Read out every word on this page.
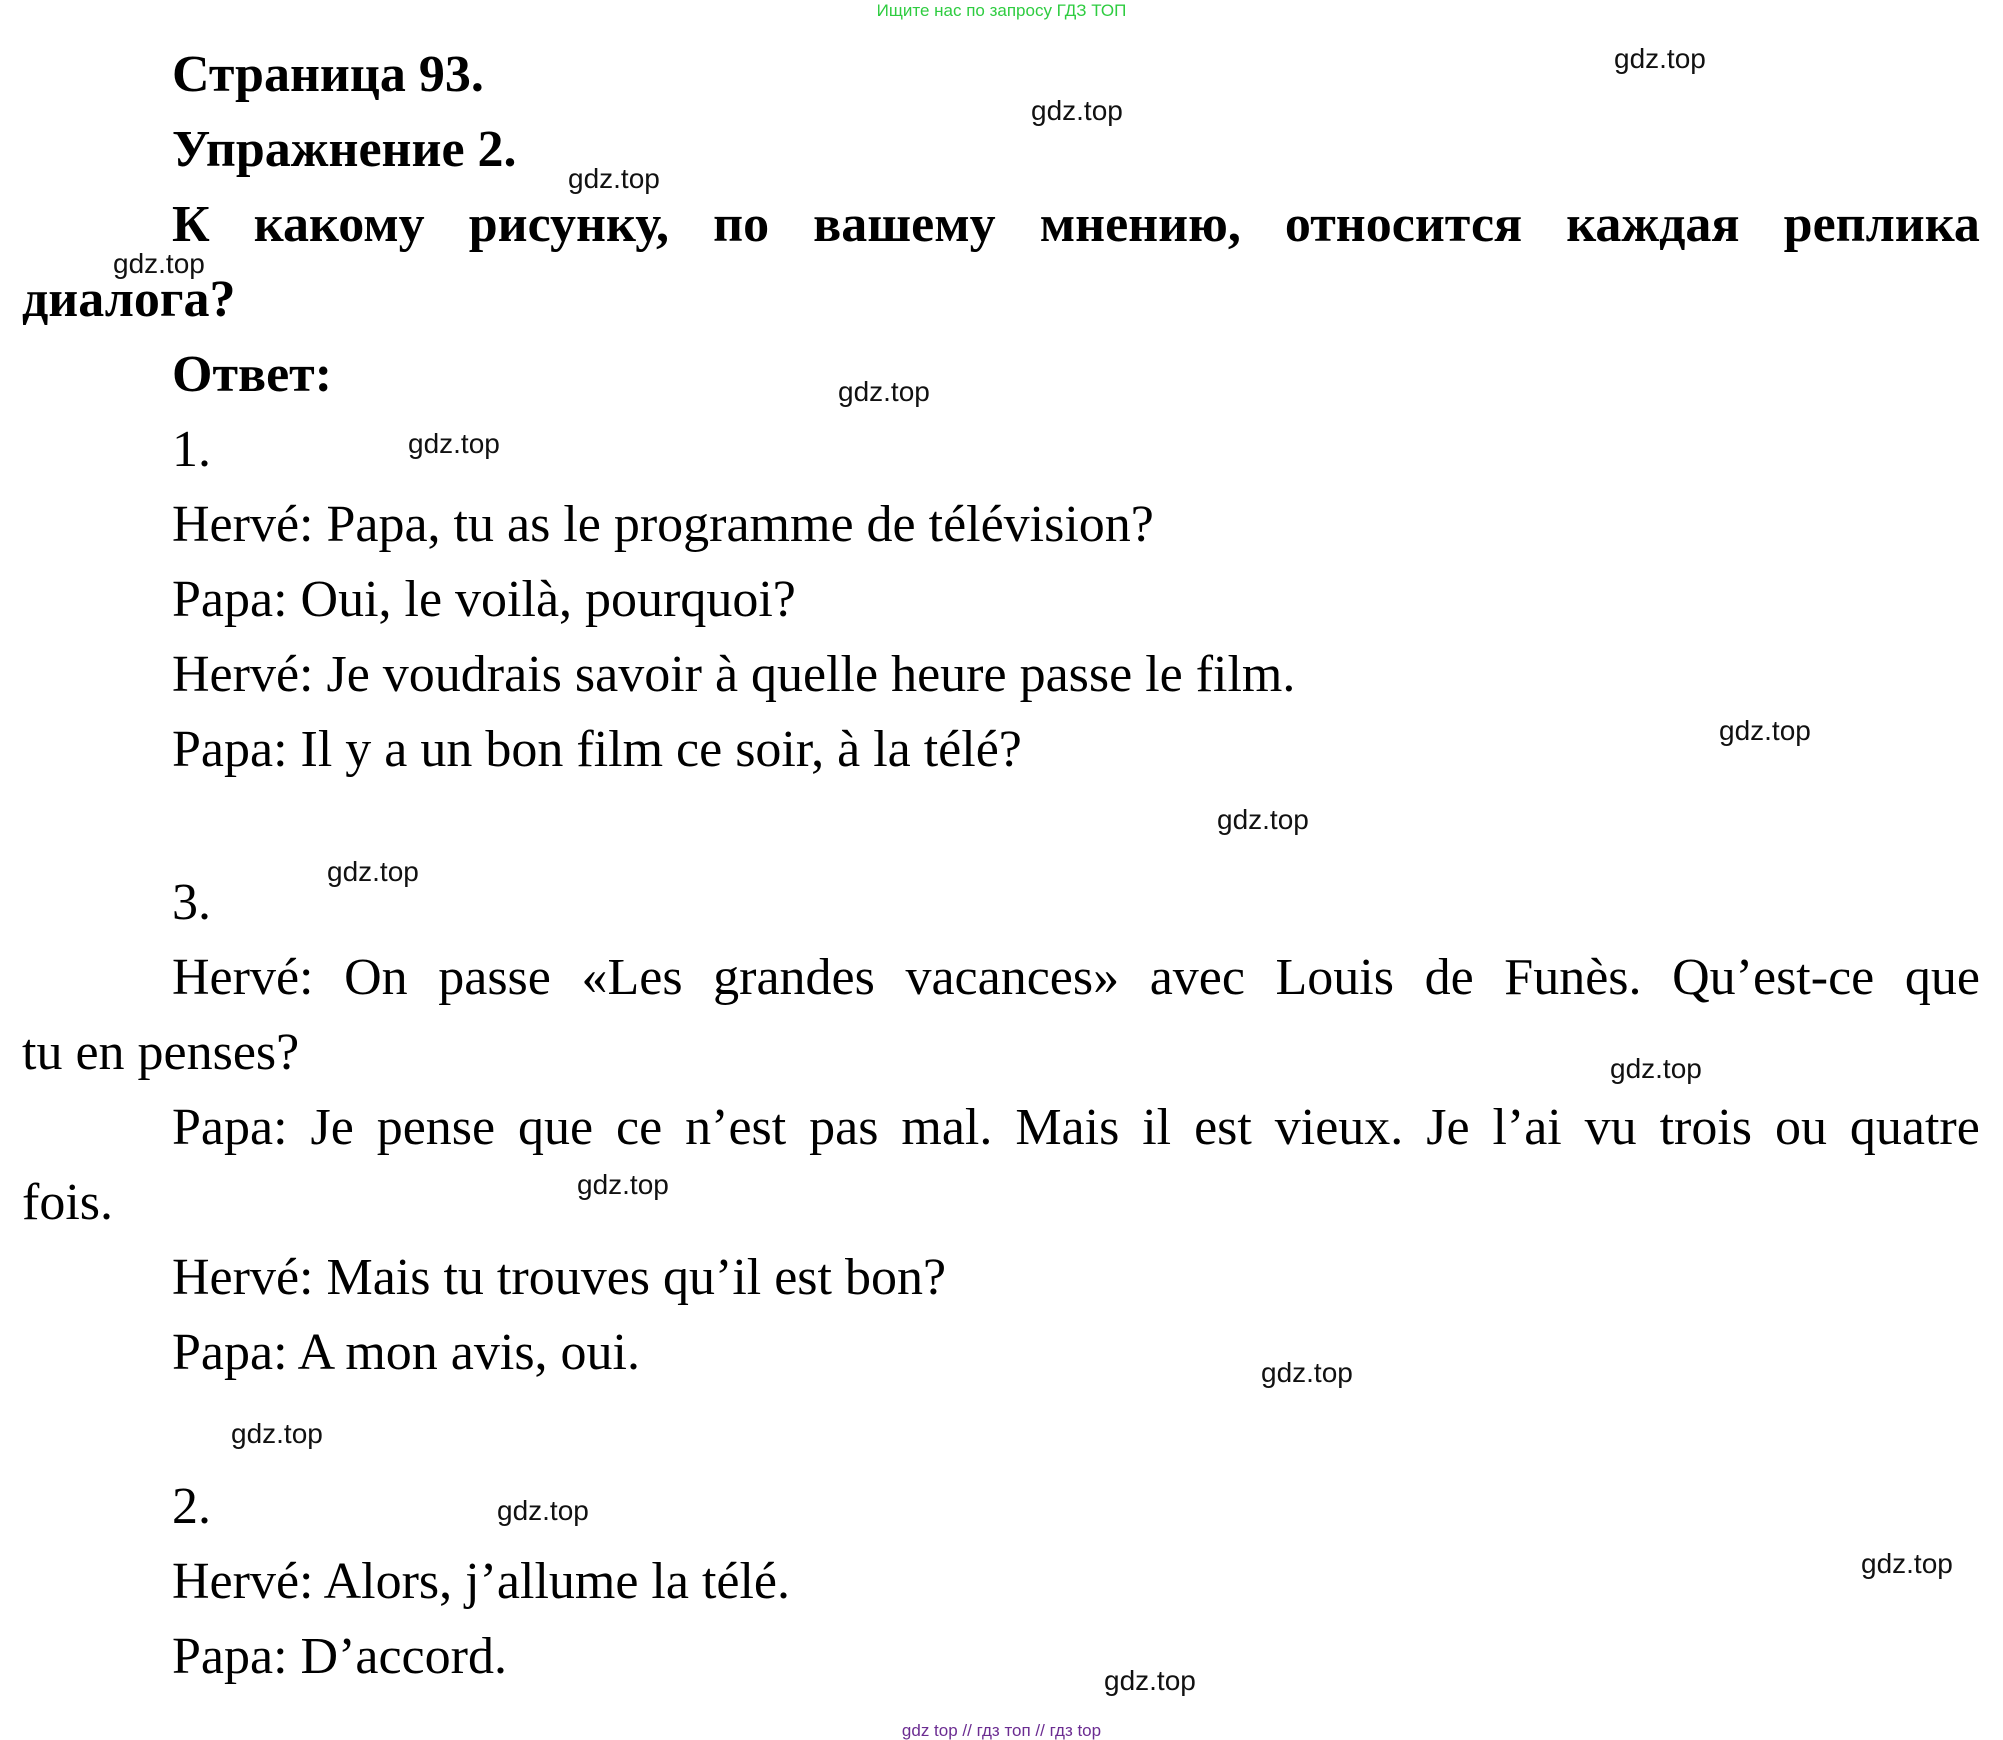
Ищите нас по запросу ГДЗ ТОП
Страница 93.
Упражнение 2.
К какому рисунку, по вашему мнению, относится каждая реплика
диалога?
Ответ:
1.
Hervé: Papa, tu as le programme de télévision?
Papa: Oui, le voilà, pourquoi?
Hervé: Je voudrais savoir à quelle heure passe le film.
Papa: Il y a un bon film ce soir, à la télé?
3.
Hervé: On passe «Les grandes vacances» avec Louis de Funès. Qu’est-ce que
tu en penses?
Papa: Je pense que ce n’est pas mal. Mais il est vieux. Je l’ai vu trois ou quatre
fois.
Hervé: Mais tu trouves qu’il est bon?
Papa: A mon avis, oui.
2.
Hervé: Alors, j’allume la télé.
Papa: D’accord.
gdz.top
gdz.top
gdz.top
gdz.top
gdz.top
gdz.top
gdz.top
gdz.top
gdz.top
gdz.top
gdz.top
gdz.top
gdz.top
gdz.top
gdz.top
gdz.top
gdz top // гдз топ // гдз top
